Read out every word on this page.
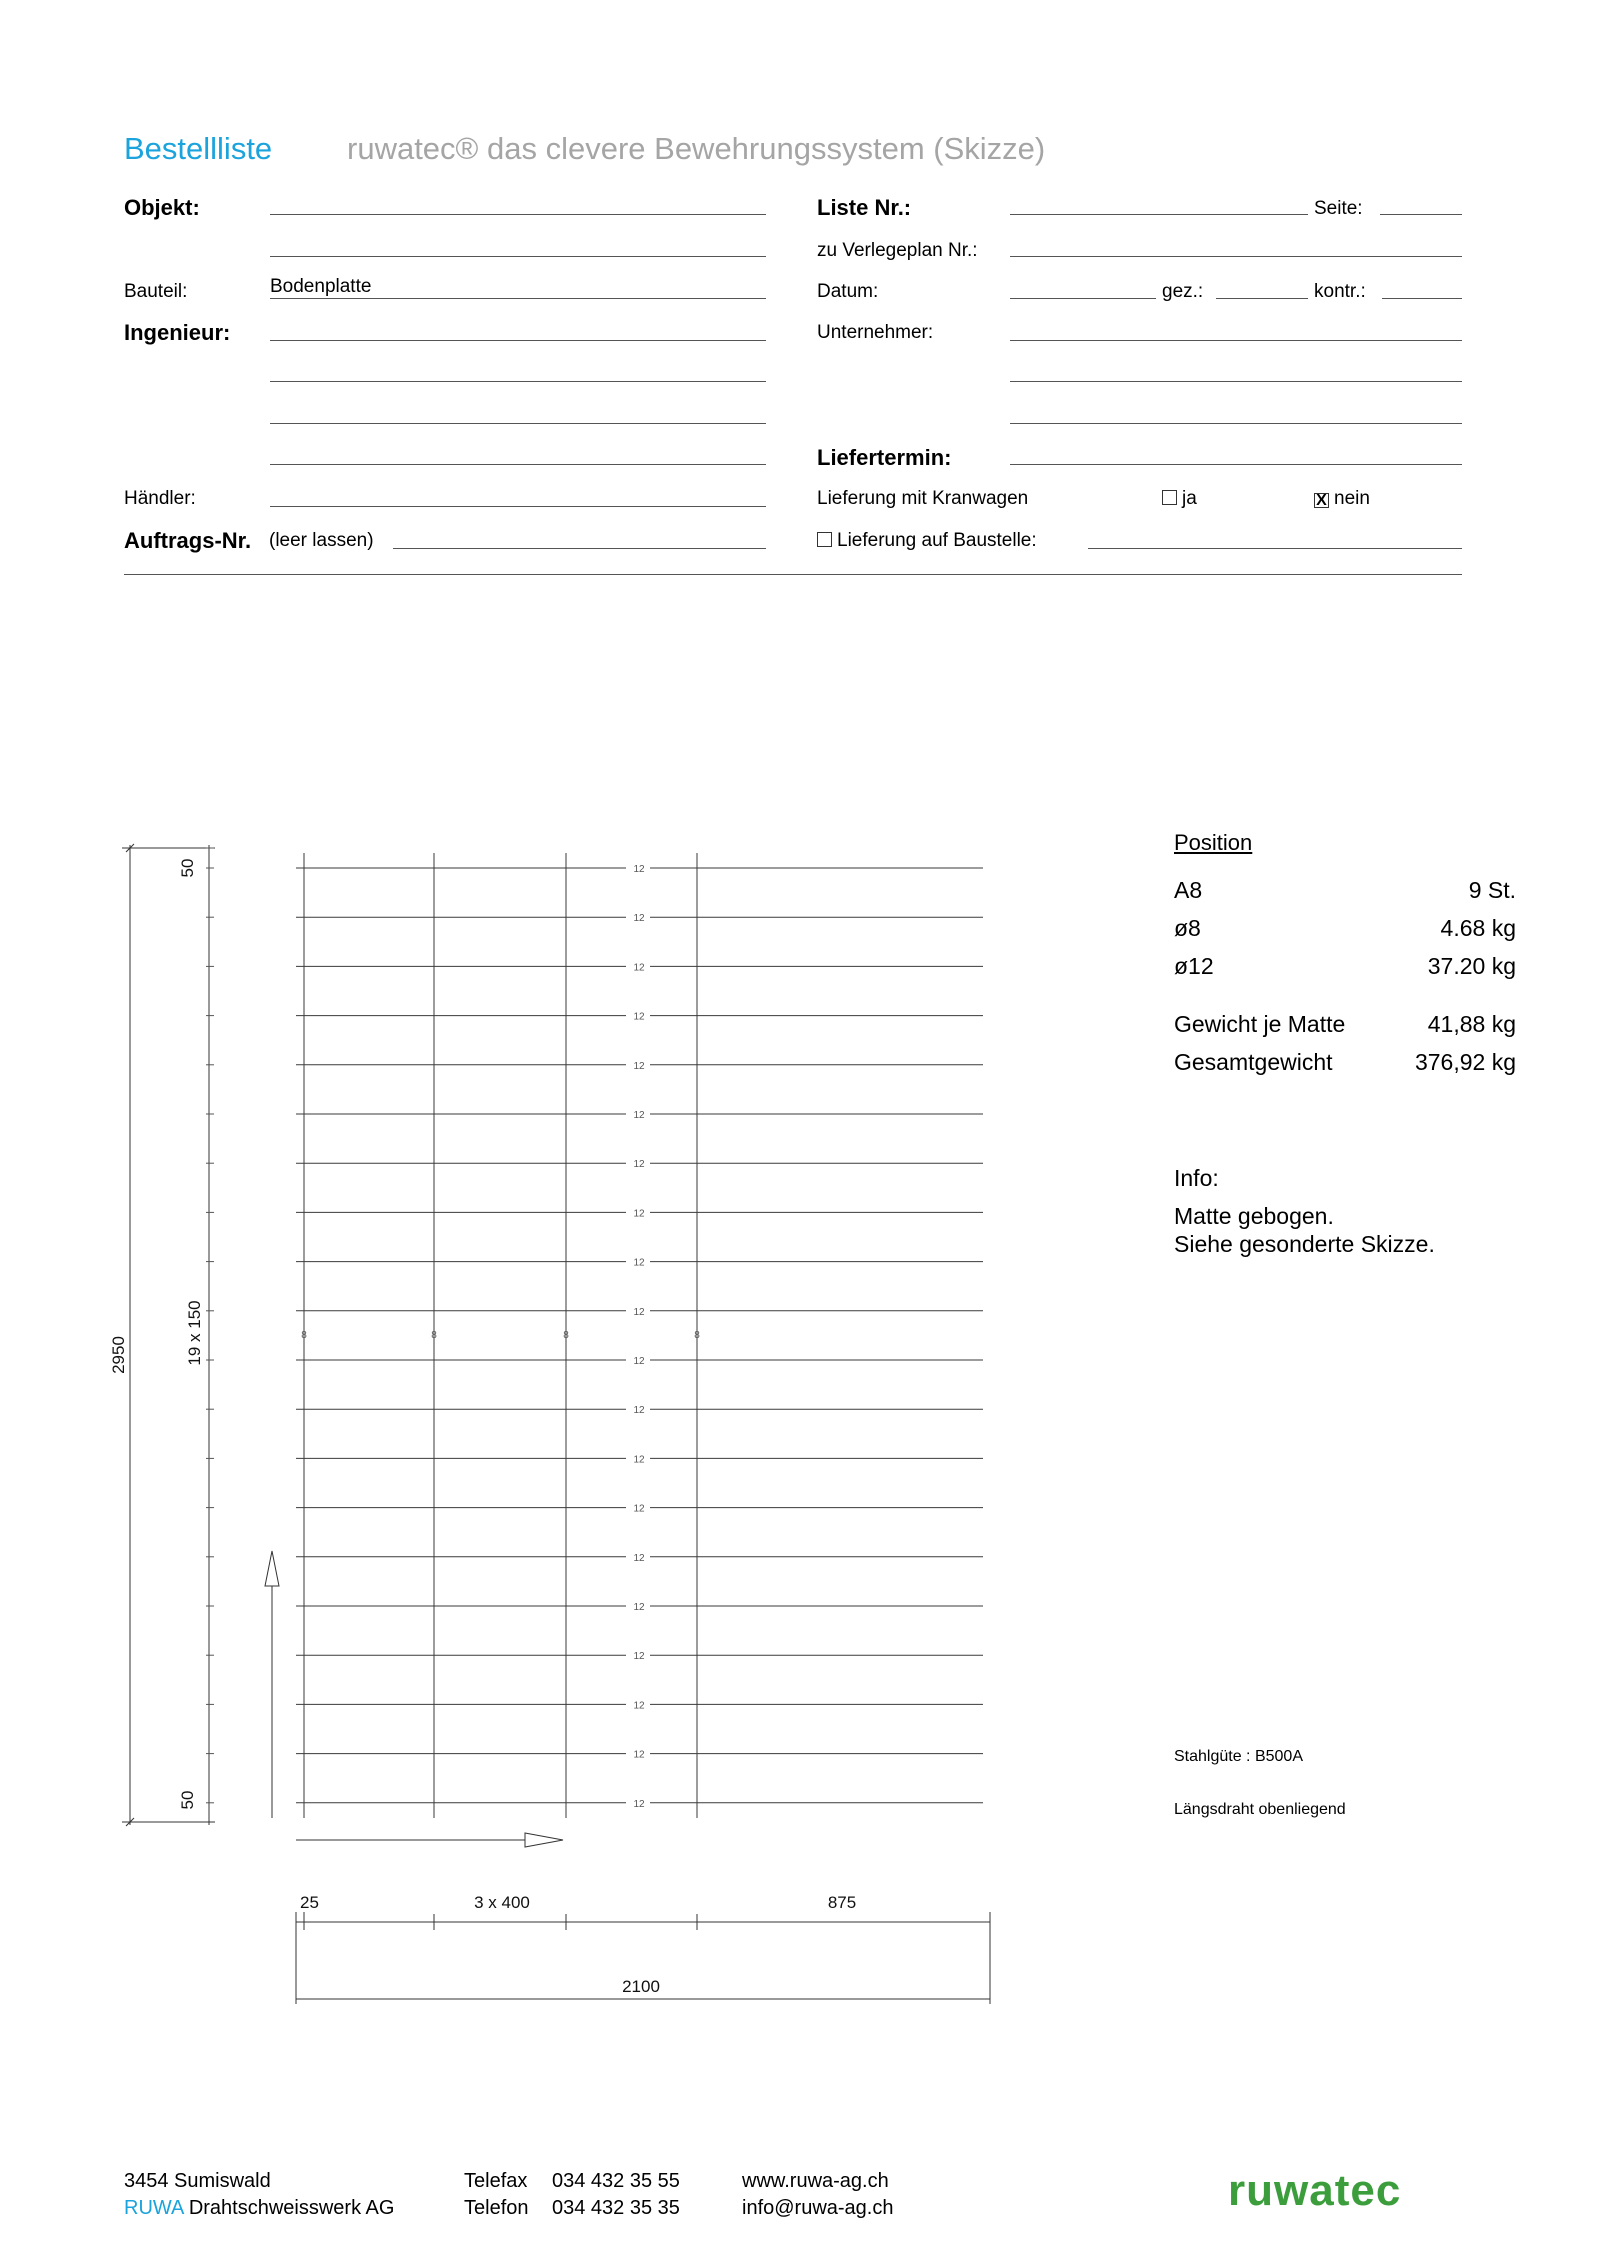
Bestellliste ruwatec® das clevere Bewehrungssystem (Skizze)
Objekt:
Bauteil:	Bodenplatte
Ingenieur:
Händler:
Auftrags-Nr. (leer lassen)
Liste Nr.:	Seite:
zu Verlegeplan Nr.:
Datum:	gez.:	kontr.:
Unternehmer:
Liefertermin:
Lieferung mit Kranwagen	ja	X nein
Lieferung auf Baustelle:
8	8	8	8
12
12
12
12
12
12
12
12
12
12
12
12
12
12
12
12
12
12
12
12
2950
50
19 x 150
50
25	3 x 400	875
2100
Position
A8	9 St.
ø8	4.68 kg
ø12	37.20 kg
Gewicht je Matte	41,88 kg
Gesamtgewicht	376,92 kg
Info:
Matte gebogen.
Siehe gesonderte Skizze.
Stahlgüte : B500A
Längsdraht obenliegend
3454 Sumiswald
RUWA Drahtschweisswerk AG
Telefax 034 432 35 55
Telefon 034 432 35 35
www.ruwa-ag.ch
info@ruwa-ag.ch	ruwatec
